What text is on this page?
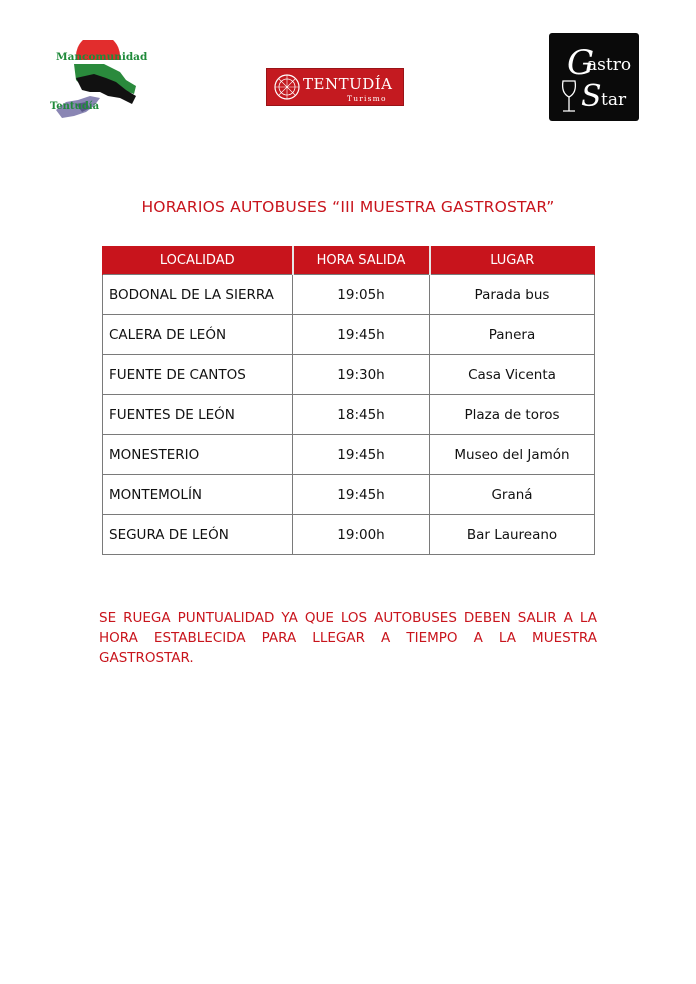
Mancomunidad
Tentudía
TENTUDÍA
Turismo
G
astro
S tar
HORARIOS AUTOBUSES “III MUESTRA GASTROSTAR”
LOCALIDAD	HORA SALIDA	LUGAR
BODONAL DE LA SIERRA	19:05h	Parada bus
CALERA DE LEÓN	19:45h	Panera
FUENTE DE CANTOS	19:30h	Casa Vicenta
FUENTES DE LEÓN	18:45h	Plaza de toros
MONESTERIO	19:45h	Museo del Jamón
MONTEMOLÍN	19:45h	Graná
SEGURA DE LEÓN	19:00h	Bar Laureano
SE RUEGA PUNTUALIDAD YA QUE LOS AUTOBUSES DEBEN SALIR A LA HORA ESTABLECIDA PARA LLEGAR A TIEMPO A LA MUESTRA GASTROSTAR.
